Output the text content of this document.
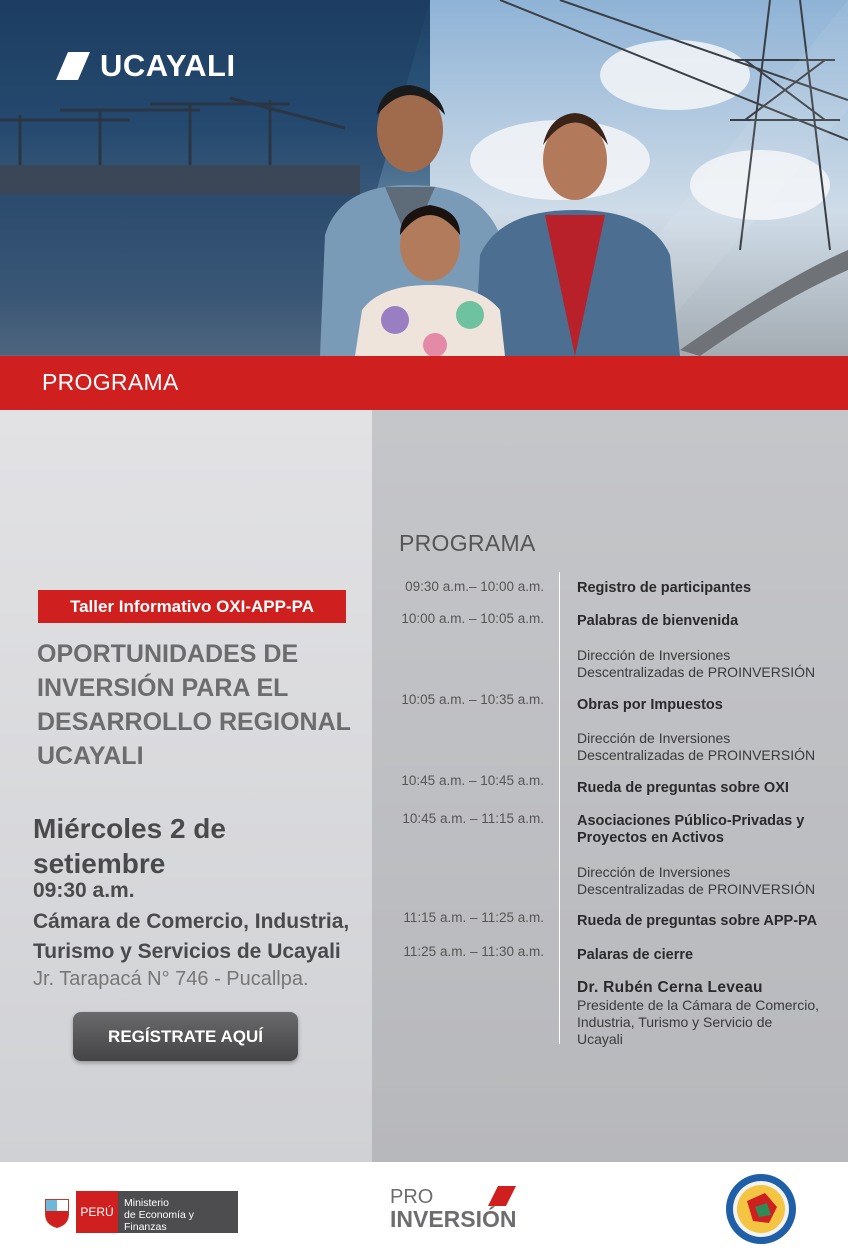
UCAYALI
PROGRAMA
Taller Informativo OXI-APP-PA
OPORTUNIDADES DE
INVERSIÓN PARA EL
DESARROLLO REGIONAL
UCAYALI
Miércoles 2 de
setiembre
09:30 a.m.
Cámara de Comercio, Industria,
Turismo y Servicios de Ucayali
Jr. Tarapacá N° 746 - Pucallpa.
REGÍSTRATE AQUÍ
PROGRAMA
09:30 a.m.– 10:00 a.m. Registro de participantes
10:00 a.m. – 10:05 a.m. Palabras de bienvenida
Dirección de Inversiones
Descentralizadas de PROINVERSIÓN
10:05 a.m. – 10:35 a.m. Obras por Impuestos
Dirección de Inversiones
Descentralizadas de PROINVERSIÓN
10:45 a.m. – 10:45 a.m. Rueda de preguntas sobre OXI
10:45 a.m. – 11:15 a.m. Asociaciones Público-Privadas y
Proyectos en Activos
Dirección de Inversiones
Descentralizadas de PROINVERSIÓN
11:15 a.m. – 11:25 a.m. Rueda de preguntas sobre APP-PA
11:25 a.m. – 11:30 a.m. Palaras de cierre
Dr. Rubén Cerna Leveau
Presidente de la Cámara de Comercio,
Industria, Turismo y Servicio de
Ucayali
PERÚ
Ministerio
de Economía y Finanzas
PRO
INVERSIÓN
